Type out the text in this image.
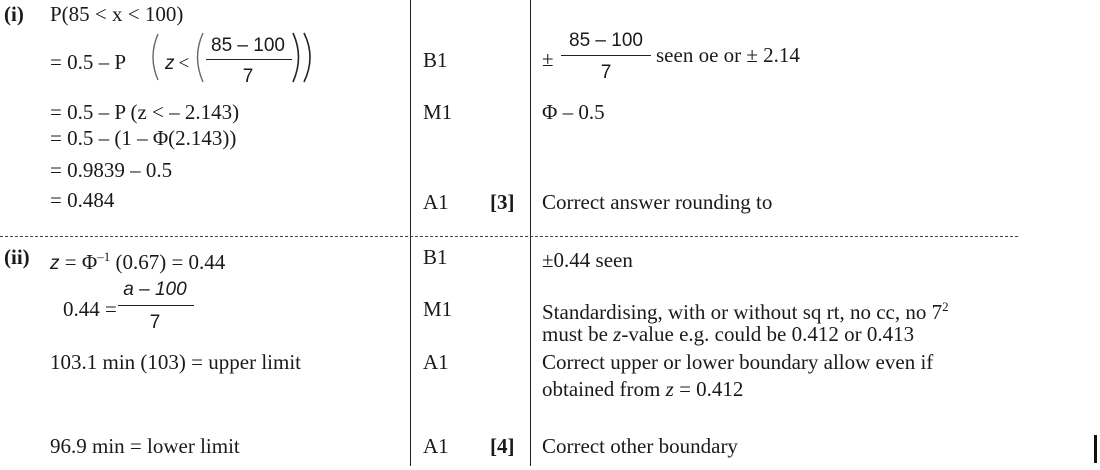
(i) P(85 < x < 100)
= 0.5 – P z <
85 – 100
7
= 0.5 – P (z < – 2.143)
= 0.5 – (1 – Φ(2.143))
= 0.9839 – 0.5
= 0.484
B1
M1
A1 [3]
±
85 – 100
7
seen oe or ± 2.14
Φ – 0.5
Correct answer rounding to
(ii) $z = \Phi^{-1}$ (0.67) = 0.44
0.44 =
a – 100
7
103.1 min (103) = upper limit
96.9 min = lower limit
B1
M1
A1
A1 [4]
±0.44 seen
Standardising, with or without sq rt, no cc, no $7^2$
must be z-value e.g. could be 0.412 or 0.413
Correct upper or lower boundary allow even if
obtained from z = 0.412
Correct other boundary
